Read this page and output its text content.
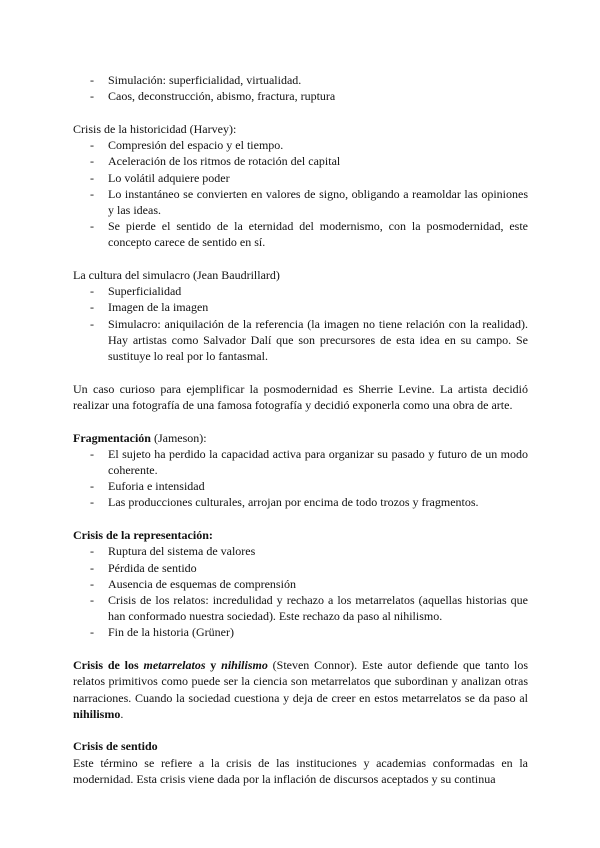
- Simulación: superficialidad, virtualidad.
- Caos, deconstrucción, abismo, fractura, ruptura

Crisis de la historicidad (Harvey):

- Compresión del espacio y el tiempo.
- Aceleración de los ritmos de rotación del capital
- Lo volátil adquiere poder
- Lo instantáneo se convierten en valores de signo, obligando a reamoldar las opiniones y las ideas.
- Se pierde el sentido de la eternidad del modernismo, con la posmodernidad, este concepto carece de sentido en sí.

La cultura del simulacro (Jean Baudrillard)

- Superficialidad
- Imagen de la imagen
- Simulacro: aniquilación de la referencia (la imagen no tiene relación con la realidad). Hay artistas como Salvador Dalí que son precursores de esta idea en su campo. Se sustituye lo real por lo fantasmal.

Un caso curioso para ejemplificar la posmodernidad es Sherrie Levine. La artista decidió realizar una fotografía de una famosa fotografía y decidió exponerla como una obra de arte.

Fragmentación (Jameson):

- El sujeto ha perdido la capacidad activa para organizar su pasado y futuro de un modo coherente.
- Euforia e intensidad
- Las producciones culturales, arrojan por encima de todo trozos y fragmentos.

Crisis de la representación:

- Ruptura del sistema de valores
- Pérdida de sentido
- Ausencia de esquemas de comprensión
- Crisis de los relatos: incredulidad y rechazo a los metarrelatos (aquellas historias que han conformado nuestra sociedad). Este rechazo da paso al nihilismo.
- Fin de la historia (Grüner)

Crisis de los metarrelatos y nihilismo (Steven Connor). Este autor defiende que tanto los relatos primitivos como puede ser la ciencia son metarrelatos que subordinan y analizan otras narraciones. Cuando la sociedad cuestiona y deja de creer en estos metarrelatos se da paso al nihilismo.

Crisis de sentido

Este término se refiere a la crisis de las instituciones y academias conformadas en la modernidad. Esta crisis viene dada por la inflación de discursos aceptados y su continua
